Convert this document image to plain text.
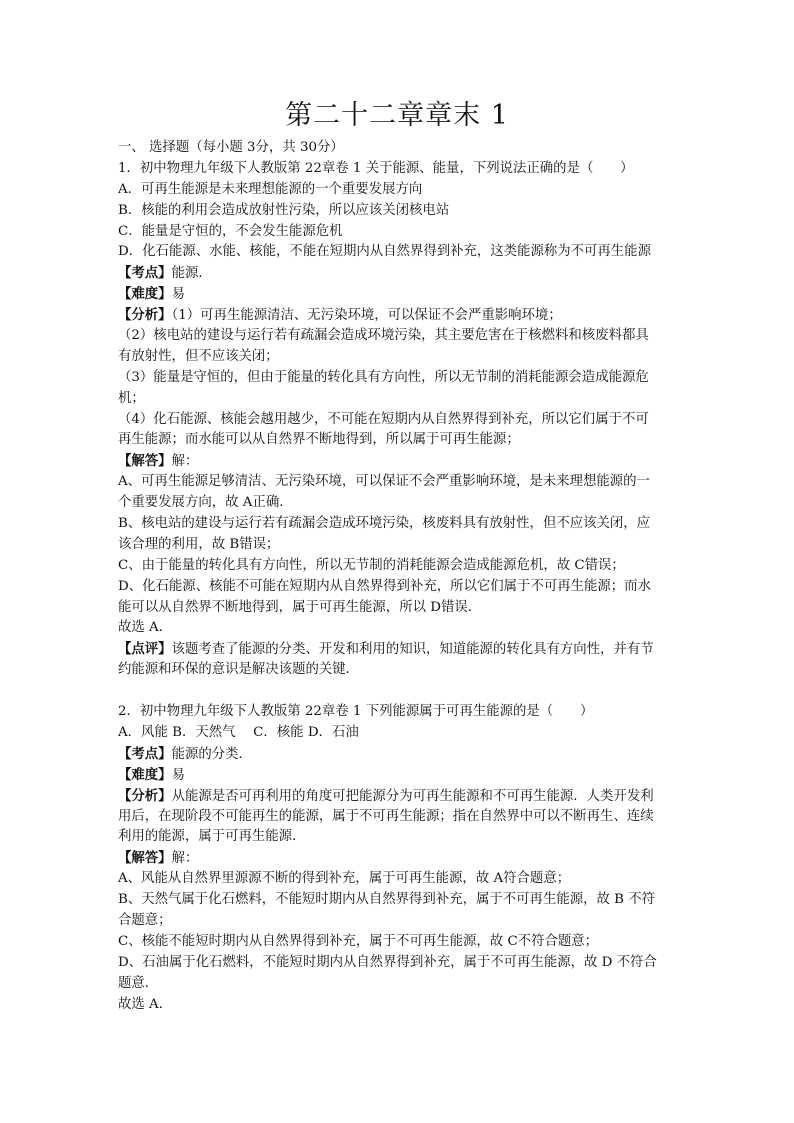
第二十二章章末 1
一、 选择题（每小题 3分，共 30分）
1．初中物理九年级下人教版第 22章卷 1 关于能源、能量，下列说法正确的是（　　）
A．可再生能源是未来理想能源的一个重要发展方向
B．核能的利用会造成放射性污染，所以应该关闭核电站
C．能量是守恒的，不会发生能源危机
D．化石能源、水能、核能，不能在短期内从自然界得到补充，这类能源称为不可再生能源
【考点】能源．
【难度】易
【分析】（1）可再生能源清洁、无污染环境，可以保证不会严重影响环境；
（2）核电站的建设与运行若有疏漏会造成环境污染，其主要危害在于核燃料和核废料都具
有放射性，但不应该关闭；
（3）能量是守恒的，但由于能量的转化具有方向性，所以无节制的消耗能源会造成能源危
机；
（4）化石能源、核能会越用越少，不可能在短期内从自然界得到补充，所以它们属于不可
再生能源；而水能可以从自然界不断地得到，所以属于可再生能源；
【解答】解：
A、可再生能源足够清洁、无污染环境，可以保证不会严重影响环境，是未来理想能源的一
个重要发展方向，故 A正确．
B、核电站的建设与运行若有疏漏会造成环境污染，核废料具有放射性，但不应该关闭，应
该合理的利用，故 B错误；
C、由于能量的转化具有方向性，所以无节制的消耗能源会造成能源危机，故 C错误；
D、化石能源、核能不可能在短期内从自然界得到补充，所以它们属于不可再生能源；而水
能可以从自然界不断地得到，属于可再生能源，所以 D错误．
故选 A．
【点评】该题考查了能源的分类、开发和利用的知识，知道能源的转化具有方向性，并有节
约能源和环保的意识是解决该题的关键．
2．初中物理九年级下人教版第 22章卷 1 下列能源属于可再生能源的是（　　）
A．风能 B．天然气　 C．核能 D．石油
【考点】能源的分类．
【难度】易
【分析】从能源是否可再利用的角度可把能源分为可再生能源和不可再生能源．人类开发利
用后，在现阶段不可能再生的能源，属于不可再生能源；指在自然界中可以不断再生、连续
利用的能源，属于可再生能源．
【解答】解：
A、风能从自然界里源源不断的得到补充，属于可再生能源，故 A符合题意；
B、天然气属于化石燃料，不能短时期内从自然界得到补充，属于不可再生能源，故 B 不符
合题意；
C、核能不能短时期内从自然界得到补充，属于不可再生能源，故 C不符合题意；
D、石油属于化石燃料，不能短时期内从自然界得到补充，属于不可再生能源，故 D 不符合
题意．
故选 A．
